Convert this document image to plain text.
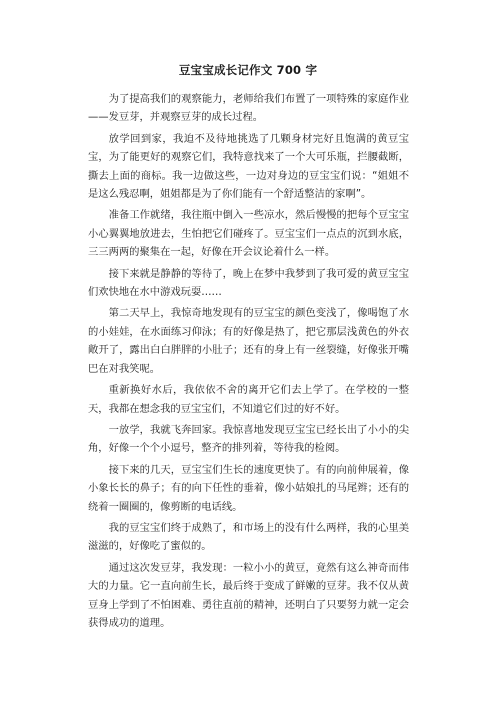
豆宝宝成长记作文 700 字

为了提高我们的观察能力，老师给我们布置了一项特殊的家庭作业——发豆芽，并观察豆芽的成长过程。

放学回到家，我迫不及待地挑选了几颗身材完好且饱满的黄豆宝宝，为了能更好的观察它们，我特意找来了一个大可乐瓶，拦腰截断，撕去上面的商标。我一边做这些，一边对身边的豆宝宝们说：“姐姐不是这么残忍啊，姐姐都是为了你们能有一个舒适整洁的家啊”。

准备工作就绪，我往瓶中倒入一些凉水，然后慢慢的把每个豆宝宝小心翼翼地放进去，生怕把它们碰疼了。豆宝宝们一点点的沉到水底，三三两两的聚集在一起，好像在开会议论着什么一样。

接下来就是静静的等待了，晚上在梦中我梦到了我可爱的黄豆宝宝们欢快地在水中游戏玩耍……

第二天早上，我惊奇地发现有的豆宝宝的颜色变浅了，像喝饱了水的小娃娃，在水面练习仰泳；有的好像是热了，把它那层浅黄色的外衣敞开了，露出白白胖胖的小肚子；还有的身上有一丝裂缝，好像张开嘴巴在对我笑呢。

重新换好水后，我依依不舍的离开它们去上学了。在学校的一整天，我都在想念我的豆宝宝们，不知道它们过的好不好。

一放学，我就飞奔回家。我惊喜地发现豆宝宝已经长出了小小的尖角，好像一个个小逗号，整齐的排列着，等待我的检阅。

接下来的几天，豆宝宝们生长的速度更快了。有的向前伸展着，像小象长长的鼻子；有的向下任性的垂着，像小姑娘扎的马尾辫；还有的绕着一圈圈的，像剪断的电话线。

我的豆宝宝们终于成熟了，和市场上的没有什么两样，我的心里美滋滋的，好像吃了蜜似的。

通过这次发豆芽，我发现：一粒小小的黄豆，竟然有这么神奇而伟大的力量。它一直向前生长，最后终于变成了鲜嫩的豆芽。我不仅从黄豆身上学到了不怕困难、勇往直前的精神，还明白了只要努力就一定会获得成功的道理。
